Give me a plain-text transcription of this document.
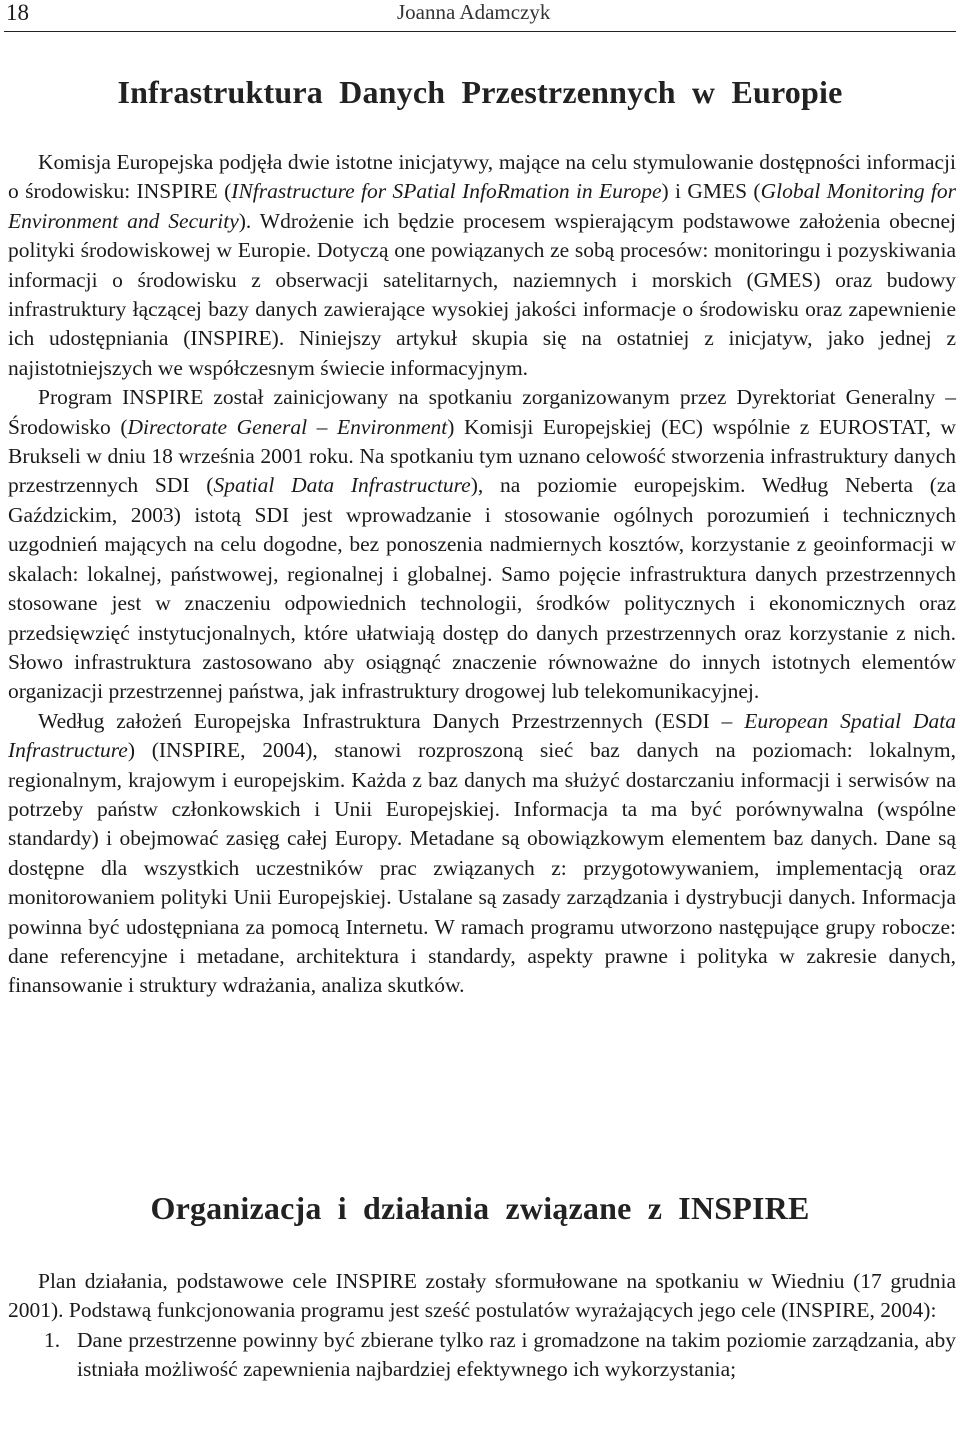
18	Joanna Adamczyk
Infrastruktura Danych Przestrzennych w Europie

Komisja Europejska podjęła dwie istotne inicjatywy, mające na celu stymulowanie dostępności informacji o środowisku: INSPIRE (INfrastructure for SPatial InfoRmation in Europe) i GMES (Global Monitoring for Environment and Security). Wdrożenie ich będzie procesem wspierającym podstawowe założenia obecnej polityki środowiskowej w Europie. Dotyczą one powiązanych ze sobą procesów: monitoringu i pozyskiwania informacji o środowisku z obserwacji satelitarnych, naziemnych i morskich (GMES) oraz budowy infrastruktury łączącej bazy danych zawierające wysokiej jakości informacje o środowisku oraz zapewnienie ich udostępniania (INSPIRE). Niniejszy artykuł skupia się na ostatniej z inicjatyw, jako jednej z najistotniejszych we współczesnym świecie informacyjnym.

Program INSPIRE został zainicjowany na spotkaniu zorganizowanym przez Dyrektoriat Generalny – Środowisko (Directorate General – Environment) Komisji Europejskiej (EC) wspólnie z EUROSTAT, w Brukseli w dniu 18 września 2001 roku. Na spotkaniu tym uznano celowość stworzenia infrastruktury danych przestrzennych SDI (Spatial Data Infrastructure), na poziomie europejskim. Według Neberta (za Gaździckim, 2003) istotą SDI jest wprowadzanie i stosowanie ogólnych porozumień i technicznych uzgodnień mających na celu dogodne, bez ponoszenia nadmiernych kosztów, korzystanie z geoinformacji w skalach: lokalnej, państwowej, regionalnej i globalnej. Samo pojęcie infrastruktura danych przestrzennych stosowane jest w znaczeniu odpowiednich technologii, środków politycznych i ekonomicznych oraz przedsięwzięć instytucjonalnych, które ułatwiają dostęp do danych przestrzennych oraz korzystanie z nich. Słowo infrastruktura zastosowano aby osiągnąć znaczenie równoważne do innych istotnych elementów organizacji przestrzennej państwa, jak infrastruktury drogowej lub telekomunikacyjnej.

Według założeń Europejska Infrastruktura Danych Przestrzennych (ESDI – European Spatial Data Infrastructure) (INSPIRE, 2004), stanowi rozproszoną sieć baz danych na poziomach: lokalnym, regionalnym, krajowym i europejskim. Każda z baz danych ma służyć dostarczaniu informacji i serwisów na potrzeby państw członkowskich i Unii Europejskiej. Informacja ta ma być porównywalna (wspólne standardy) i obejmować zasięg całej Europy. Metadane są obowiązkowym elementem baz danych. Dane są dostępne dla wszystkich uczestników prac związanych z: przygotowywaniem, implementacją oraz monitorowaniem polityki Unii Europejskiej. Ustalane są zasady zarządzania i dystrybucji danych. Informacja powinna być udostępniana za pomocą Internetu. W ramach programu utworzono następujące grupy robocze: dane referencyjne i metadane, architektura i standardy, aspekty prawne i polityka w zakresie danych, finansowanie i struktury wdrażania, analiza skutków.

Organizacja i działania związane z INSPIRE

Plan działania, podstawowe cele INSPIRE zostały sformułowane na spotkaniu w Wiedniu (17 grudnia 2001). Podstawą funkcjonowania programu jest sześć postulatów wyrażających jego cele (INSPIRE, 2004):

1. Dane przestrzenne powinny być zbierane tylko raz i gromadzone na takim poziomie zarządzania, aby istniała możliwość zapewnienia najbardziej efektywnego ich wykorzystania;
